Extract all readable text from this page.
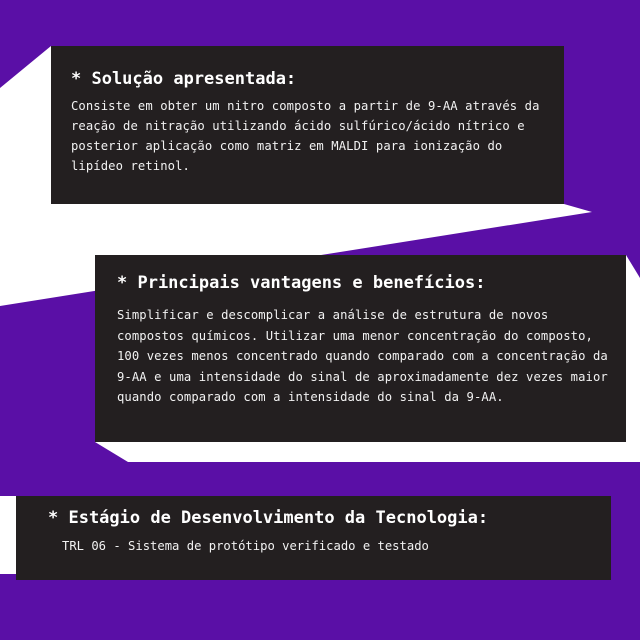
* Solução apresentada:

Consiste em obter um nitro composto a partir de 9-AA através da reação de nitração utilizando ácido sulfúrico/ácido nítrico e posterior aplicação como matriz em MALDI para ionização do lipídeo retinol.

* Principais vantagens e benefícios:

Simplificar e descomplicar a análise de estrutura de novos compostos químicos. Utilizar uma menor concentração do composto, 100 vezes menos concentrado quando comparado com a concentração da 9-AA e uma intensidade do sinal de aproximadamente dez vezes maior quando comparado com a intensidade do sinal da 9-AA.

* Estágio de Desenvolvimento da Tecnologia:

TRL 06 - Sistema de protótipo verificado e testado
